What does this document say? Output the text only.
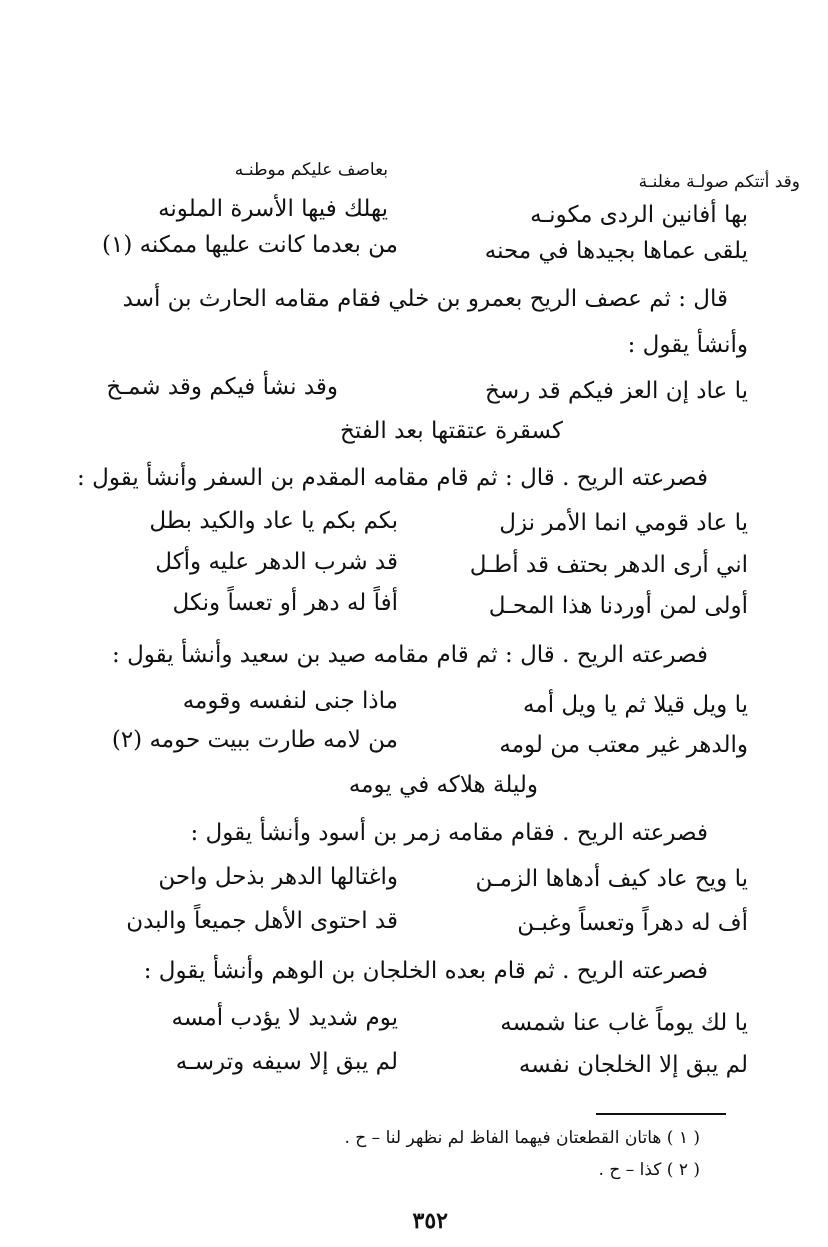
وقد أتتكم صولـة مغلنـة
بعاصف عليكم موطنـه
بها أفانين الردى مكونـه
يهلك فيها الأسرة الملونه
يلقى عماها بجيدها في محنه
من بعدما كانت عليها ممكنه (١)
قال : ثم عصف الريح بعمرو بن خلي فقام مقامه الحارث بن أسد
وأنشأ يقول :
يا عاد إن العز فيكم قد رسخ
وقد نشأ فيكم وقد شمـخ
كسقرة عتقتها بعد الفتخ
فصرعته الريح . قال : ثم قام مقامه المقدم بن السفر وأنشأ يقول :
يا عاد قومي انما الأمر نزل
بكم بكم يا عاد والكيد بطل
اني أرى الدهر بحتف قد أطـل
قد شرب الدهر عليه وأكل
أولى لمن أوردنا هذا المحـل
أفاً له دهر أو تعساً ونكل
فصرعته الريح . قال : ثم قام مقامه صيد بن سعيد وأنشأ يقول :
يا ويل قيلا ثم يا ويل أمه
ماذا جنى لنفسه وقومه
والدهر غير معتب من لومه
من لامه طارت ببيت حومه (٢)
وليلة هلاكه في يومه
فصرعته الريح . فقام مقامه زمر بن أسود وأنشأ يقول :
يا ويح عاد كيف أدهاها الزمـن
واغتالها الدهر بذحل واحن
أف له دهراً وتعساً وغبـن
قد احتوى الأهل جميعاً والبدن
فصرعته الريح . ثم قام بعده الخلجان بن الوهم وأنشأ يقول :
يا لك يوماً غاب عنا شمسه
يوم شديد لا يؤدب أمسه
لم يبق إلا الخلجان نفسه
لم يبق إلا سيفه وترسـه
( ١ ) هاتان القطعتان فيهما الفاظ لم نظهر لنا – ح .
( ٢ ) كذا – ح .
٣٥٢
